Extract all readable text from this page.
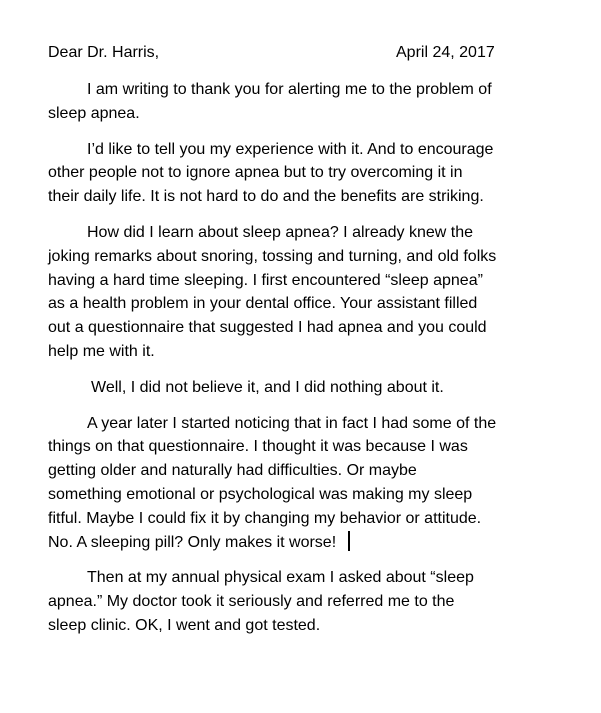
Dear Dr. Harris,	April 24, 2017

I am writing to thank you for alerting me to the problem of
sleep apnea.

I’d like to tell you my experience with it. And to encourage
other people not to ignore apnea but to try overcoming it in
their daily life. It is not hard to do and the benefits are striking.

How did I learn about sleep apnea? I already knew the
joking remarks about snoring, tossing and turning, and old folks
having a hard time sleeping. I first encountered “sleep apnea”
as a health problem in your dental office. Your assistant filled
out a questionnaire that suggested I had apnea and you could
help me with it.

Well, I did not believe it, and I did nothing about it.

A year later I started noticing that in fact I had some of the
things on that questionnaire. I thought it was because I was
getting older and naturally had difficulties. Or maybe
something emotional or psychological was making my sleep
fitful. Maybe I could fix it by changing my behavior or attitude.
No. A sleeping pill? Only makes it worse!

Then at my annual physical exam I asked about “sleep
apnea.” My doctor took it seriously and referred me to the
sleep clinic. OK, I went and got tested.
